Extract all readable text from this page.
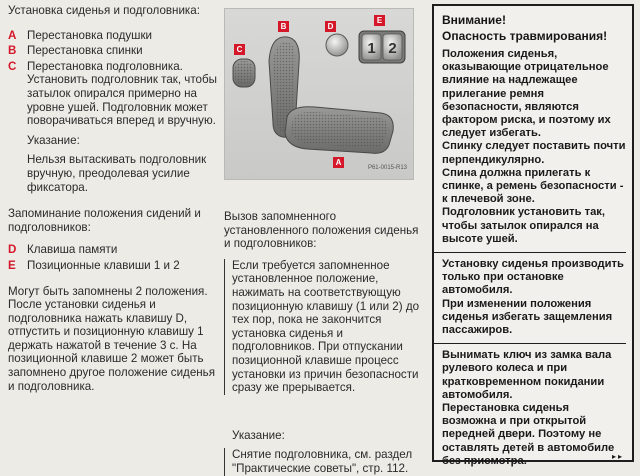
Установка сиденья и подголовника:
A Перестановка подушки
B Перестановка спинки
C Перестановка подголовника. Установить подголовник так, чтобы затылок опирался примерно на уровне ушей. Подголовник может поворачиваться вперед и вручную.
Указание:
Нельзя вытаскивать подголовник вручную, преодолевая усилие фиксатора.
Запоминание положения сидений и подголовников:
D Клавиша памяти
E Позиционные клавиши 1 и 2
Могут быть запомнены 2 положения. После установки сиденья и подголовника нажать клавишу D, отпустить и позиционную клавишу 1 держать нажатой в течение 3 с. На позиционной клавише 2 может быть запомнено другое положение сиденья и подголовника.
1 2
C
B	D
E
A
P61-0015-R13
Вызов запомненного установленного положения сиденья и подголовников:
Если требуется запомненное установленное положение, нажимать на соответствующую позиционную клавишу (1 или 2) до тех пор, пока не закончится установка сиденья и подголовников. При отпускании позиционной клавише процесс установки из причин безопасности сразу же прерывается.
Указание:
Снятие подголовника, см. раздел "Практические советы", стр. 112.
Внимание!
Опасность травмирования!
Положения сиденья, оказывающие отрицательное влияние на надлежащее прилегание ремня безопасности, являются фактором риска, и поэтому их следует избегать.
Спинку следует поставить почти перпендикулярно.
Спина должна прилегать к спинке, а ремень безопасности - к плечевой зоне.
Подголовник установить так, чтобы затылок опирался на высоте ушей.
Установку сиденья производить только при остановке автомобиля.
При изменении положения сиденья избегать защемления пассажиров.
Вынимать ключ из замка вала рулевого колеса и при кратковременном покидании автомобиля.
Перестановка сиденья возможна и при открытой передней двери. Поэтому не оставлять детей в автомобиле без присмотра.	▸▸
